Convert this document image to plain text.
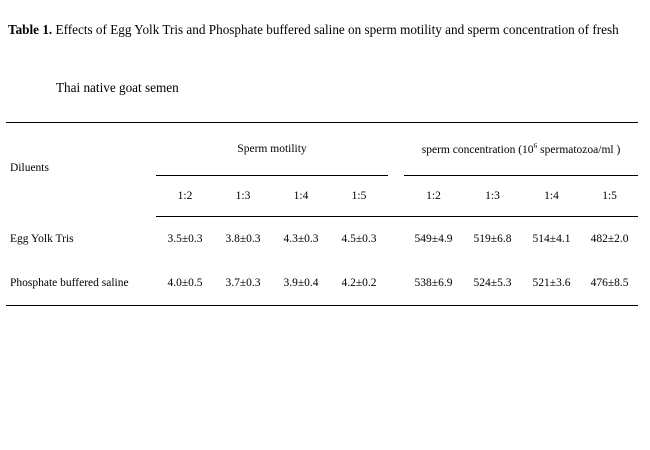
Table 1. Effects of Egg Yolk Tris and Phosphate buffered saline on sperm motility and sperm concentration of fresh
Thai native goat semen
Diluents	Sperm motility					sperm concentration ($10^6$ spermatozoa/ml )			
	1:2	1:3	1:4	1:5		1:2	1:3	1:4	1:5
Egg Yolk Tris	3.5±0.3	3.8±0.3	4.3±0.3	4.5±0.3		549±4.9	519±6.8	514±4.1	482±2.0
Phosphate buffered saline	4.0±0.5	3.7±0.3	3.9±0.4	4.2±0.2		538±6.9	524±5.3	521±3.6	476±8.5
